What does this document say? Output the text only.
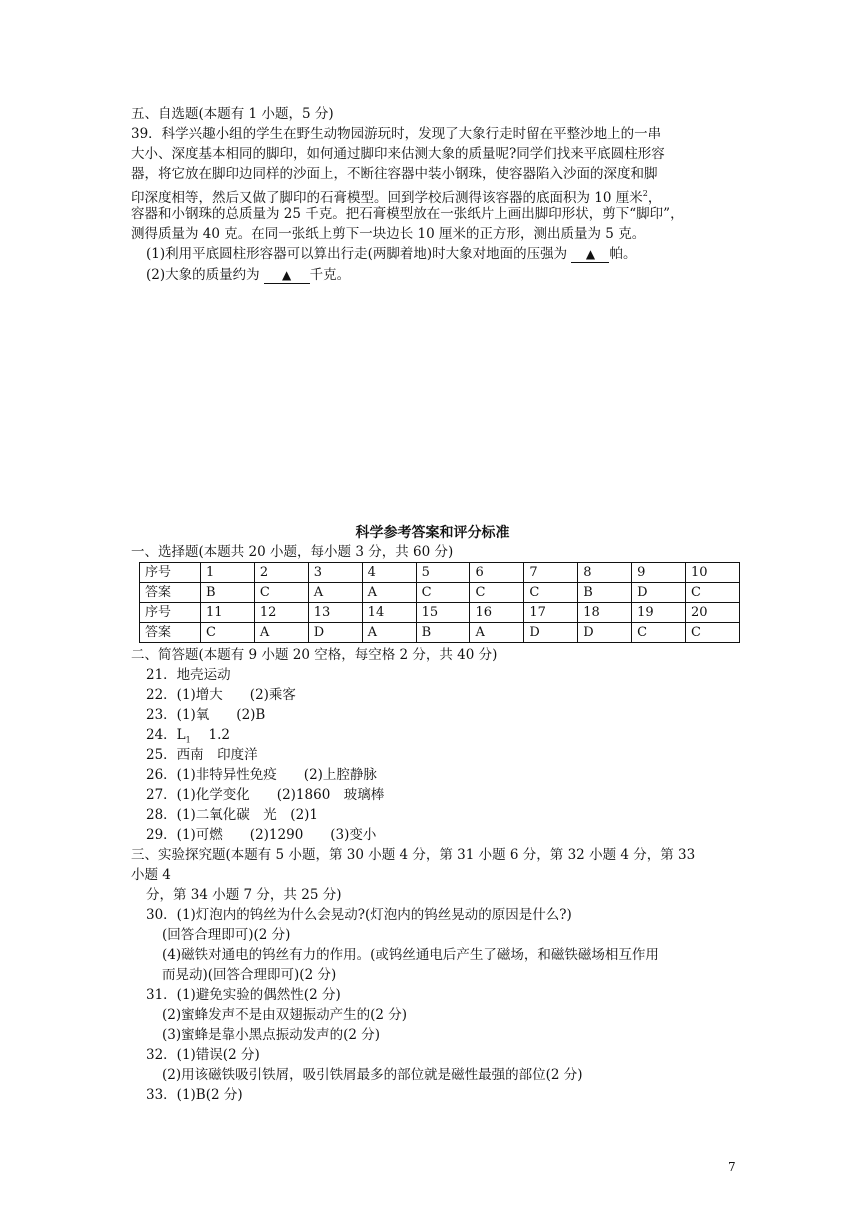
五、自选题(本题有 1 小题，5 分)
39．科学兴趣小组的学生在野生动物园游玩时，发现了大象行走时留在平整沙地上的一串
大小、深度基本相同的脚印，如何通过脚印来估测大象的质量呢?同学们找来平底圆柱形容
器，将它放在脚印边同样的沙面上，不断往容器中装小钢珠，使容器陷入沙面的深度和脚
印深度相等，然后又做了脚印的石膏模型。回到学校后测得该容器的底面积为 10 厘米$^2$，
容器和小钢珠的总质量为 25 千克。把石膏模型放在一张纸片上画出脚印形状，剪下“脚印”，
测得质量为 40 克。在同一张纸上剪下一块边长 10 厘米的正方形，测出质量为 5 克。
(1)利用平底圆柱形容器可以算出行走(两脚着地)时大象对地面的压强为 ▲ 帕。
(2)大象的质量约为 ▲ 千克。
科学参考答案和评分标准
一、选择题(本题共 20 小题，每小题 3 分，共 60 分)
序号	1	2	3	4	5	6	7	8	9	10
答案	B	C	A	A	C	C	C	B	D	C
序号	11	12	13	14	15	16	17	18	19	20
答案	C	A	D	A	B	A	D	D	C	C
二、简答题(本题有 9 小题 20 空格，每空格 2 分，共 40 分)
21．地壳运动
22．(1)增大　　(2)乘客
23．(1)氧　　(2)B
24．$L_1$　 1.2
25．西南　印度洋
26．(1)非特异性免疫　　(2)上腔静脉
27．(1)化学变化　　(2)1860　玻璃棒
28．(1)二氧化碳　光　(2)1
29．(1)可燃　　(2)1290　　(3)变小
三、实验探究题(本题有 5 小题，第 30 小题 4 分，第 31 小题 6 分，第 32 小题 4 分，第 33
小题 4
分，第 34 小题 7 分，共 25 分)
30．(1)灯泡内的钨丝为什么会晃动?(灯泡内的钨丝晃动的原因是什么?)
(回答合理即可)(2 分)
(4)磁铁对通电的钨丝有力的作用。(或钨丝通电后产生了磁场，和磁铁磁场相互作用
而晃动)(回答合理即可)(2 分)
31．(1)避免实验的偶然性(2 分)
(2)蜜蜂发声不是由双翅振动产生的(2 分)
(3)蜜蜂是靠小黑点振动发声的(2 分)
32．(1)错误(2 分)
(2)用该磁铁吸引铁屑，吸引铁屑最多的部位就是磁性最强的部位(2 分)
33．(1)B(2 分)
7
